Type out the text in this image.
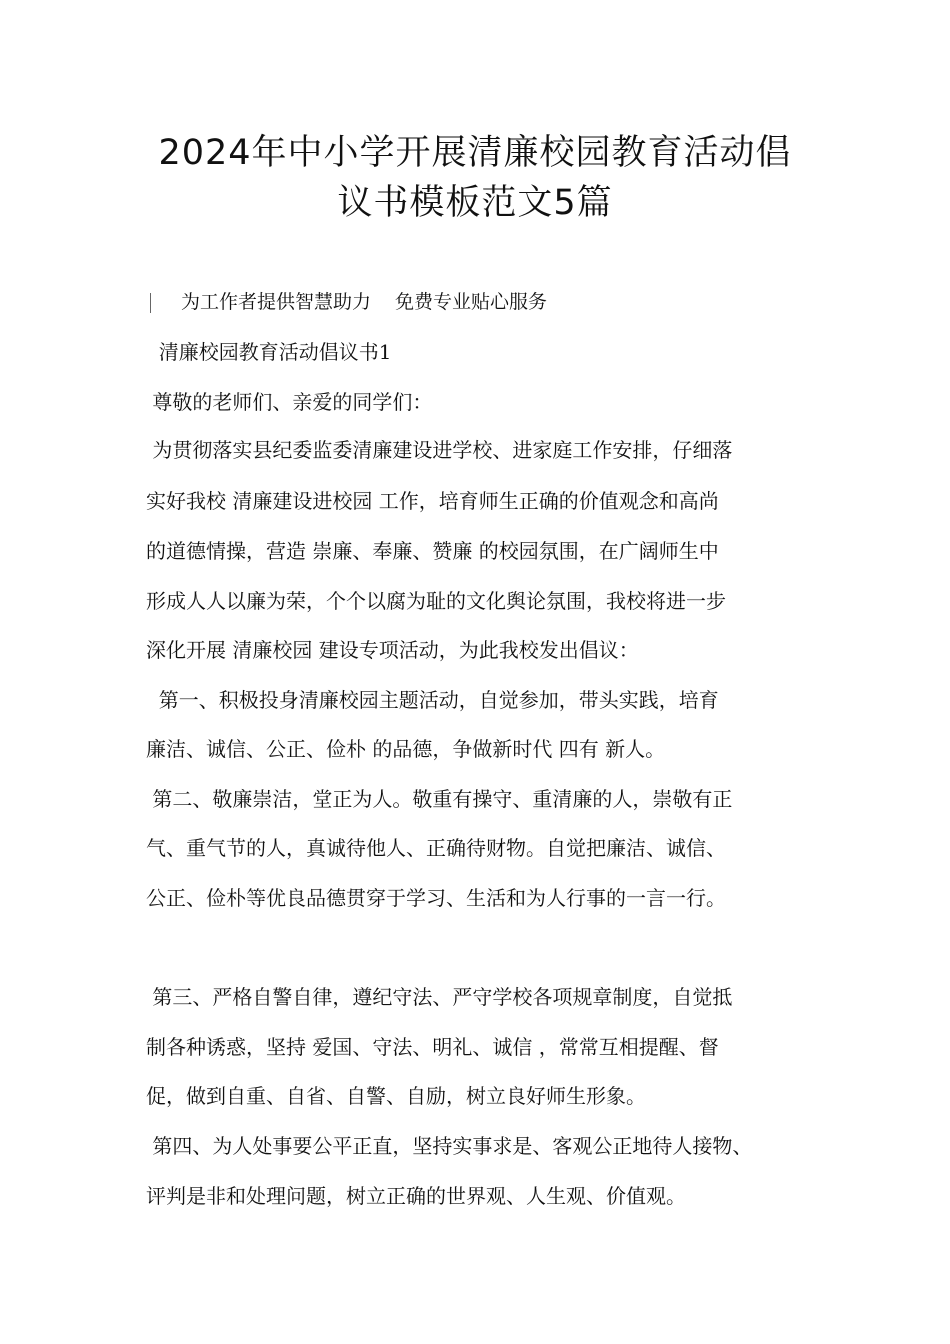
2024年中小学开展清廉校园教育活动倡
议书模板范文5篇
为工作者提供智慧助力 免费专业贴心服务
清廉校园教育活动倡议书1
尊敬的老师们、亲爱的同学们：
为贯彻落实县纪委监委清廉建设进学校、进家庭工作安排，仔细落
实好我校 清廉建设进校园 工作，培育师生正确的价值观念和高尚
的道德情操，营造 崇廉、奉廉、赞廉 的校园氛围，在广阔师生中
形成人人以廉为荣，个个以腐为耻的文化舆论氛围，我校将进一步
深化开展 清廉校园 建设专项活动，为此我校发出倡议：
第一、积极投身清廉校园主题活动，自觉参加，带头实践，培育
廉洁、诚信、公正、俭朴 的品德，争做新时代 四有 新人。
第二、敬廉崇洁，堂正为人。敬重有操守、重清廉的人，崇敬有正
气、重气节的人，真诚待他人、正确待财物。自觉把廉洁、诚信、
公正、俭朴等优良品德贯穿于学习、生活和为人行事的一言一行。
第三、严格自警自律，遵纪守法、严守学校各项规章制度，自觉抵
制各种诱惑，坚持 爱国、守法、明礼、诚信 ，常常互相提醒、督
促，做到自重、自省、自警、自励，树立良好师生形象。
第四、为人处事要公平正直，坚持实事求是、客观公正地待人接物、
评判是非和处理问题，树立正确的世界观、人生观、价值观。
